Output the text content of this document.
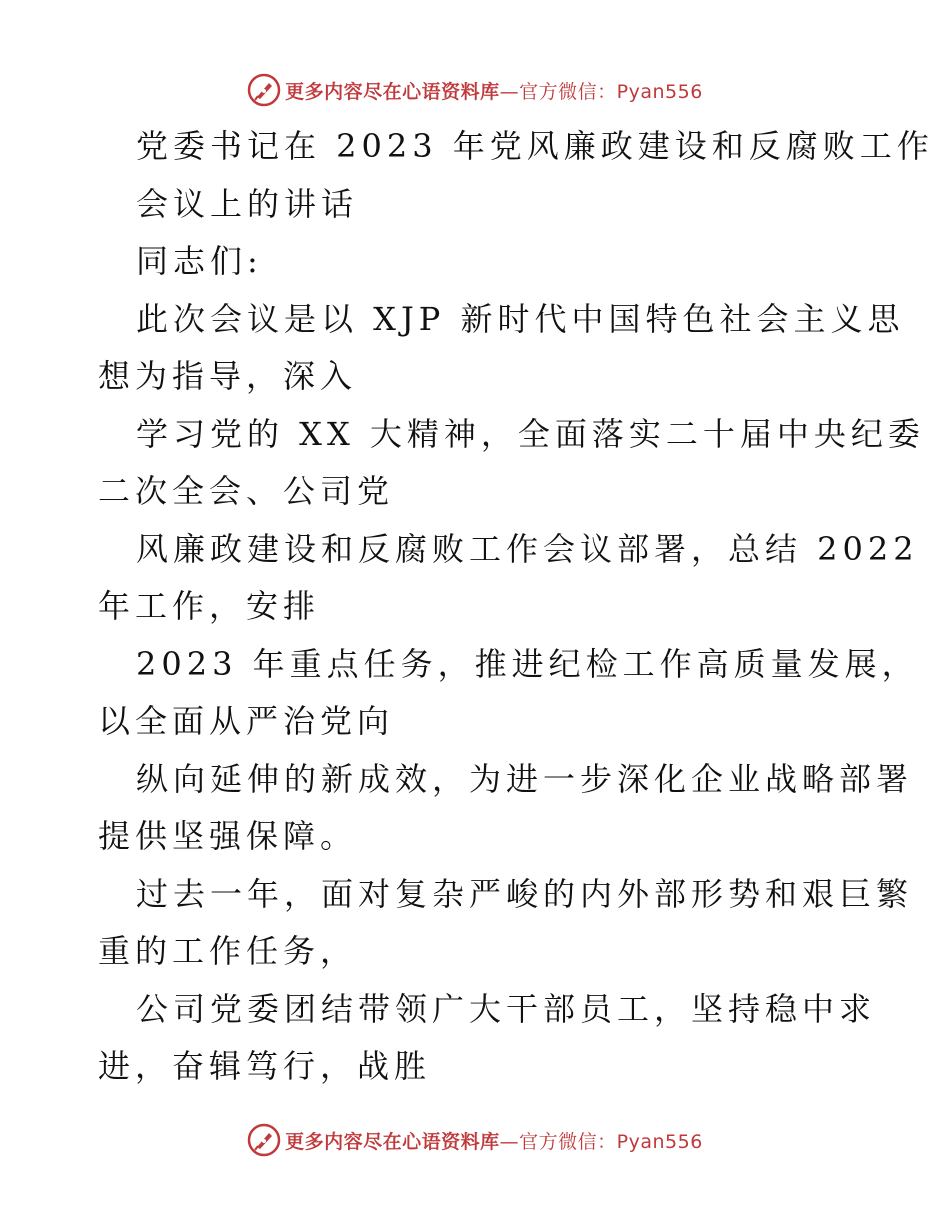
更多内容尽在心语资料库—官方微信：Pyan556
党委书记在 2023 年党风廉政建设和反腐败工作
会议上的讲话
同志们:
此次会议是以 XJP 新时代中国特色社会主义思
想为指导，深入
学习党的 XX 大精神，全面落实二十届中央纪委
二次全会、公司党
风廉政建设和反腐败工作会议部署，总结 2022
年工作，安排
2023 年重点任务，推进纪检工作高质量发展，
以全面从严治党向
纵向延伸的新成效，为进一步深化企业战略部署
提供坚强保障。
过去一年，面对复杂严峻的内外部形势和艰巨繁
重的工作任务，
公司党委团结带领广大干部员工，坚持稳中求
进，奋辑笃行，战胜
更多内容尽在心语资料库—官方微信：Pyan556
